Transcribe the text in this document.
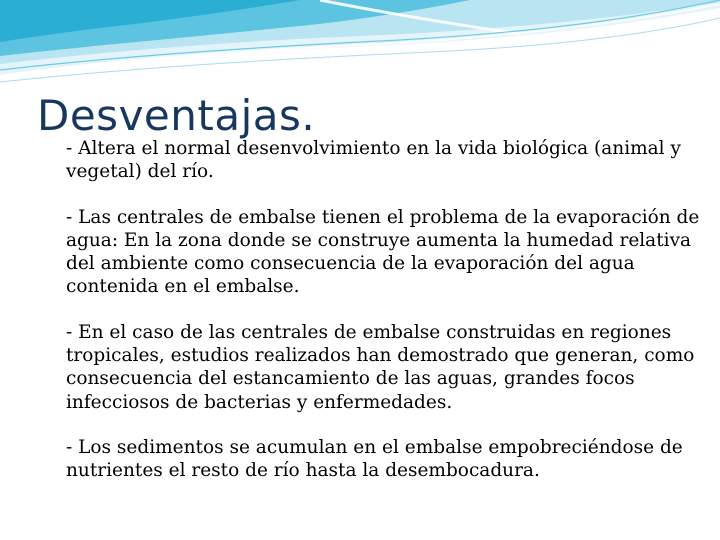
Desventajas.

- Altera el normal desenvolvimiento en la vida biológica (animal y vegetal) del río.

- Las centrales de embalse tienen el problema de la evaporación de agua: En la zona donde se construye aumenta la humedad relativa del ambiente como consecuencia de la evaporación del agua contenida en el embalse.

- En el caso de las centrales de embalse construidas en regiones tropicales, estudios realizados han demostrado que generan, como consecuencia del estancamiento de las aguas, grandes focos infecciosos de bacterias y enfermedades.

- Los sedimentos se acumulan en el embalse empobreciéndose de nutrientes el resto de río hasta la desembocadura.
